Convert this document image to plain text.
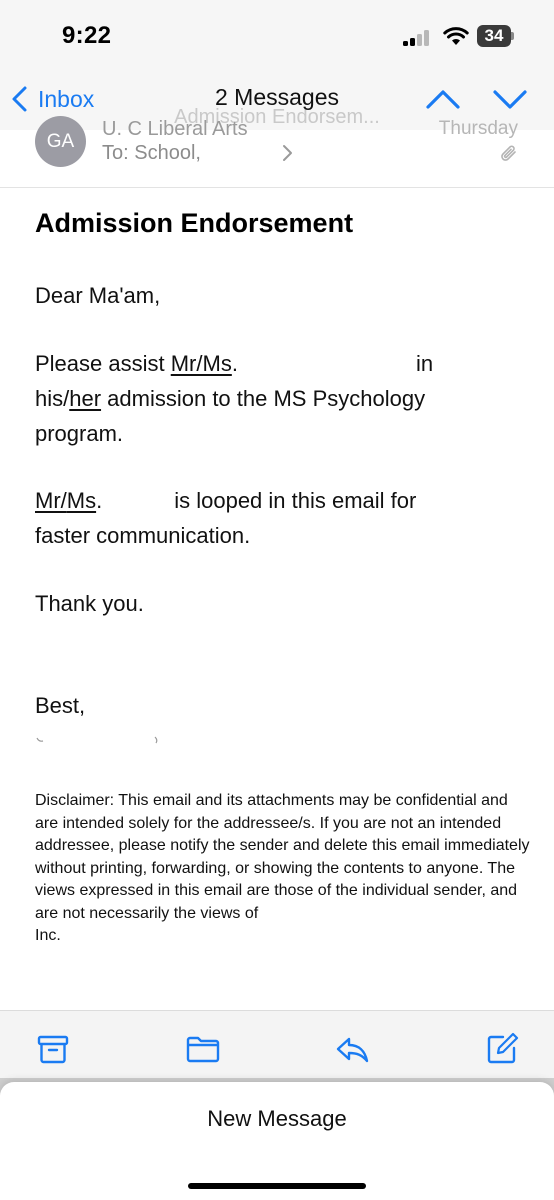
9:22	34
Admission Endorsem...
Inbox	2 Messages
GA
U. C Liberal Arts	Thursday
To: School,
Admission Endorsement
Dear Ma'am,
Please assist Mr/Ms.	in
his/her admission to the MS Psychology
program.
Mr/Ms.	is looped in this email for
faster communication.
Thank you.
Best,
Disclaimer: This email and its attachments may be confidential and are intended solely for the addressee/s. If you are not an intended addressee, please notify the sender and delete this email immediately without printing, forwarding, or showing the contents to anyone. The views expressed in this email are those of the individual sender, and are not necessarily the views of
Inc.
New Message
